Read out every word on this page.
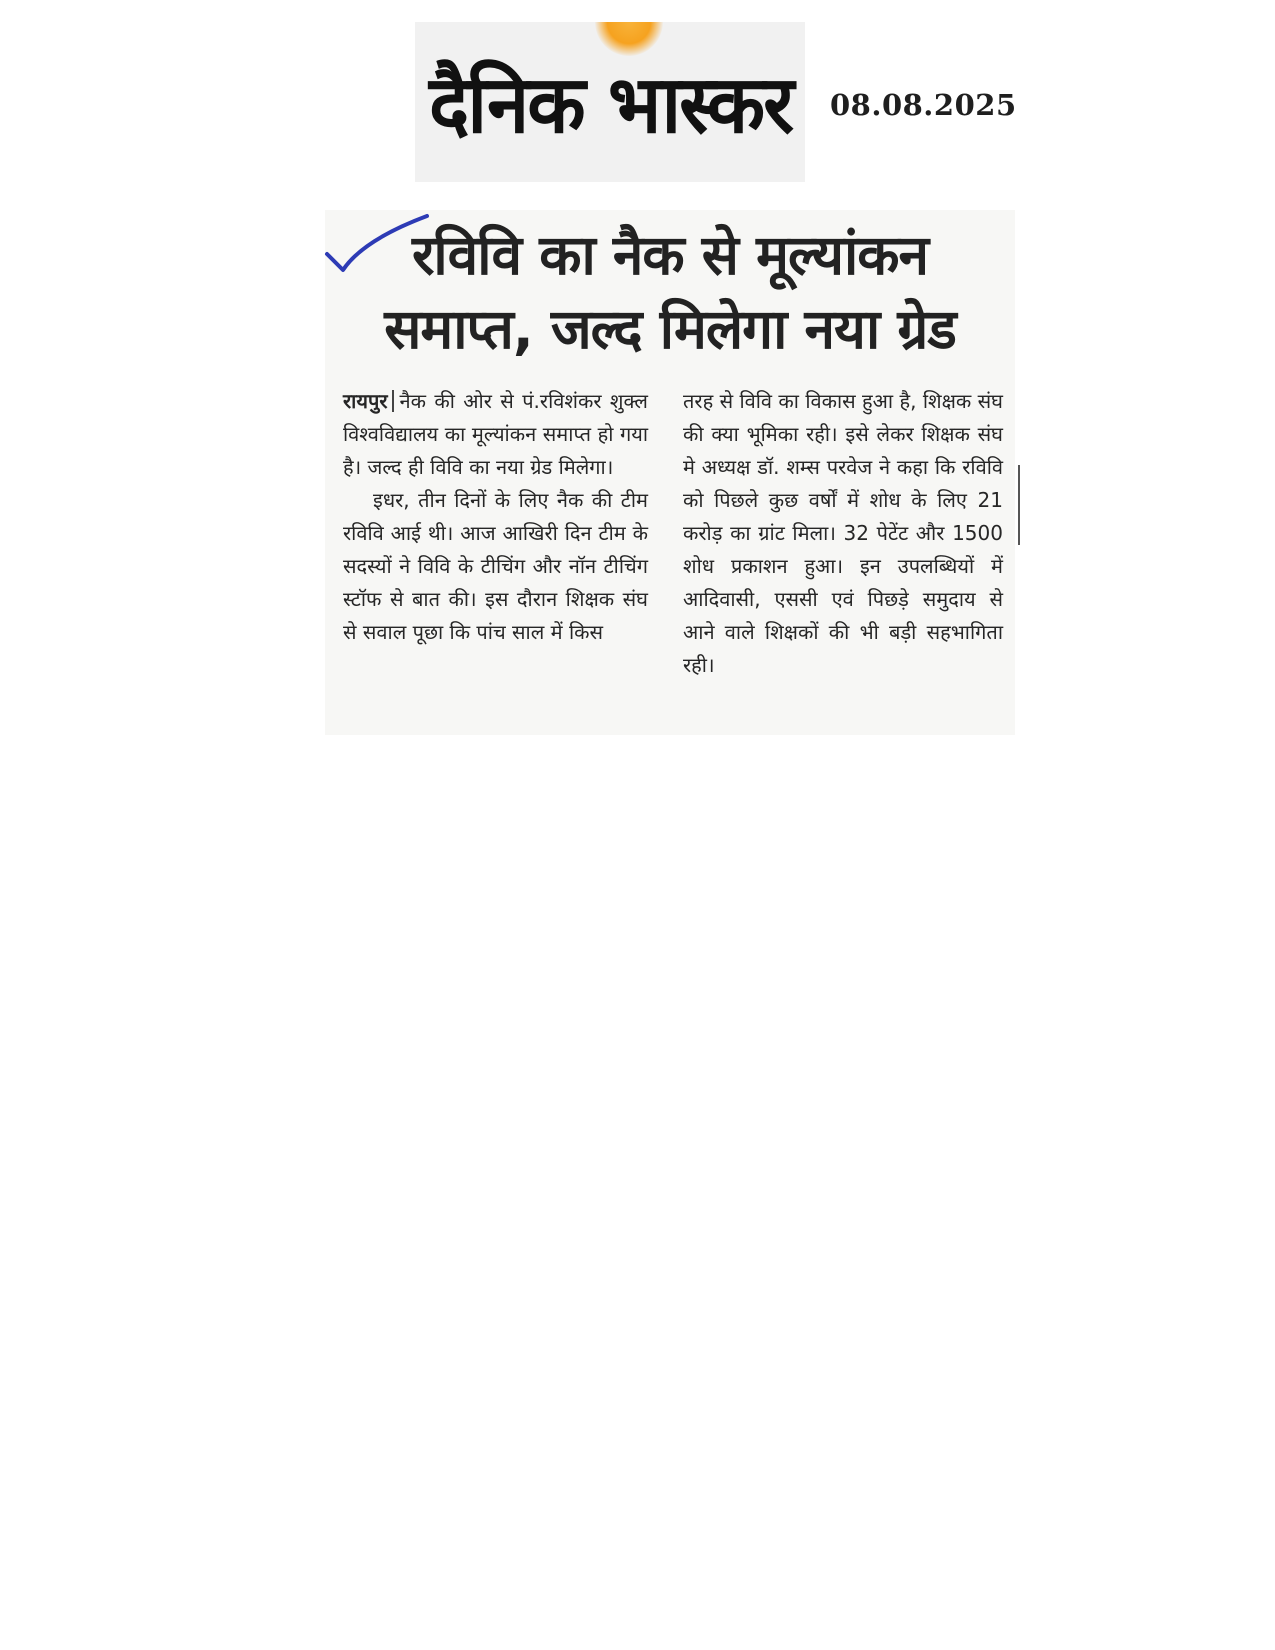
दैनिक भास्कर 08.08.2025
रविवि का नैक से मूल्यांकन
समाप्त, जल्द मिलेगा नया ग्रेड

रायपुर नैक की ओर से पं.रविशंकर शुक्ल विश्वविद्यालय का मूल्यांकन समाप्त हो गया है। जल्द ही विवि का नया ग्रेड मिलेगा।

इधर, तीन दिनों के लिए नैक की टीम रविवि आई थी। आज आखिरी दिन टीम के सदस्यों ने विवि के टीचिंग और नॉन टीचिंग स्टॉफ से बात की। इस दौरान शिक्षक संघ से सवाल पूछा कि पांच साल में किस

तरह से विवि का विकास हुआ है, शिक्षक संघ की क्या भूमिका रही। इसे लेकर शिक्षक संघ मे अध्यक्ष डॉ. शम्स परवेज ने कहा कि रविवि को पिछले कुछ वर्षों में शोध के लिए 21 करोड़ का ग्रांट मिला। 32 पेटेंट और 1500 शोध प्रकाशन हुआ। इन उपलब्धियों में आदिवासी, एससी एवं पिछड़े समुदाय से आने वाले शिक्षकों की भी बड़ी सहभागिता रही।
